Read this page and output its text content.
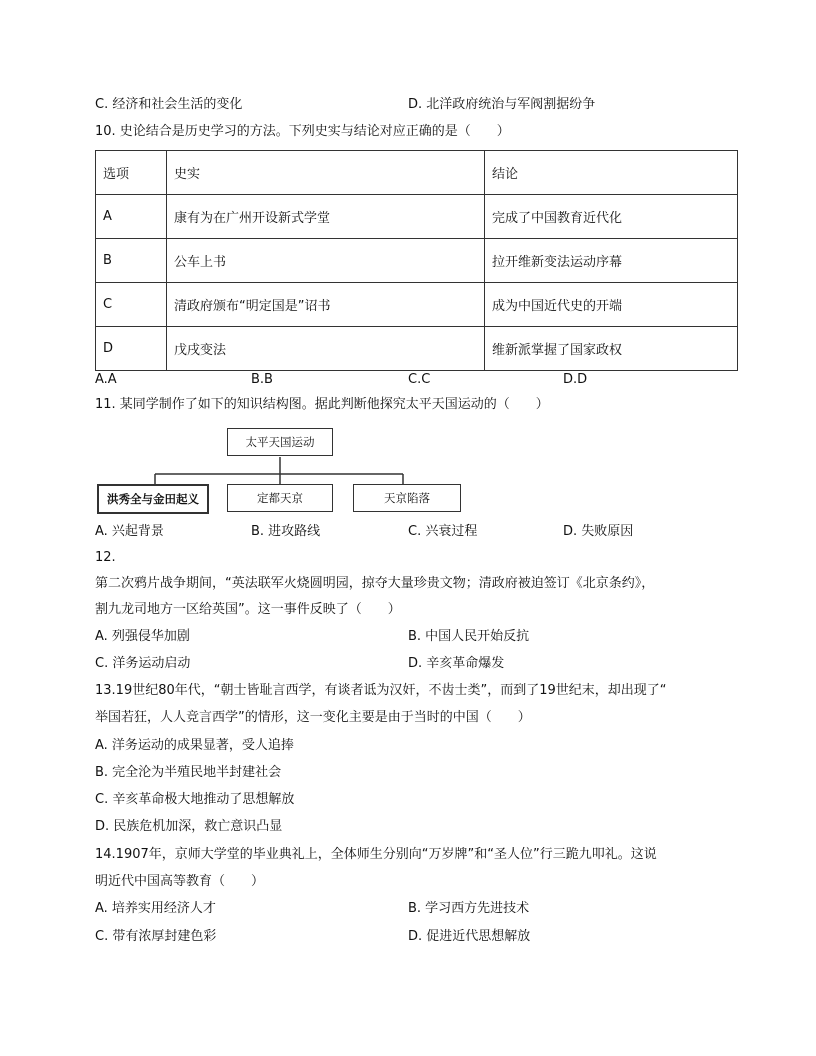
C. 经济和社会生活的变化	D. 北洋政府统治与军阀割据纷争
10. 史论结合是历史学习的方法。下列史实与结论对应正确的是（　　）
选项	史实	结论
A	康有为在广州开设新式学堂	完成了中国教育近代化
B	公车上书	拉开维新变法运动序幕
C	清政府颁布“明定国是”诏书	成为中国近代史的开端
D	戊戌变法	维新派掌握了国家政权
A.A	B.B	C.C	D.D
11. 某同学制作了如下的知识结构图。据此判断他探究太平天国运动的（　　）
太平天国运动
洪秀全与金田起义	定都天京	天京陷落
A. 兴起背景	B. 进攻路线	C. 兴衰过程	D. 失败原因
12.
第二次鸦片战争期间，“英法联军火烧圆明园，掠夺大量珍贵文物；清政府被迫签订《北京条约》，
割九龙司地方一区给英国”。这一事件反映了（　　）
A. 列强侵华加剧	B. 中国人民开始反抗
C. 洋务运动启动	D. 辛亥革命爆发
13.19世纪80年代，“朝士皆耻言西学，有谈者诋为汉奸，不齿士类”，而到了19世纪末，却出现了“
举国若狂，人人竞言西学”的情形，这一变化主要是由于当时的中国（　　）
A. 洋务运动的成果显著，受人追捧
B. 完全沦为半殖民地半封建社会
C. 辛亥革命极大地推动了思想解放
D. 民族危机加深，救亡意识凸显
14.1907年，京师大学堂的毕业典礼上，全体师生分别向“万岁牌”和“圣人位”行三跪九叩礼。这说
明近代中国高等教育（　　）
A. 培养实用经济人才	B. 学习西方先进技术
C. 带有浓厚封建色彩	D. 促进近代思想解放
